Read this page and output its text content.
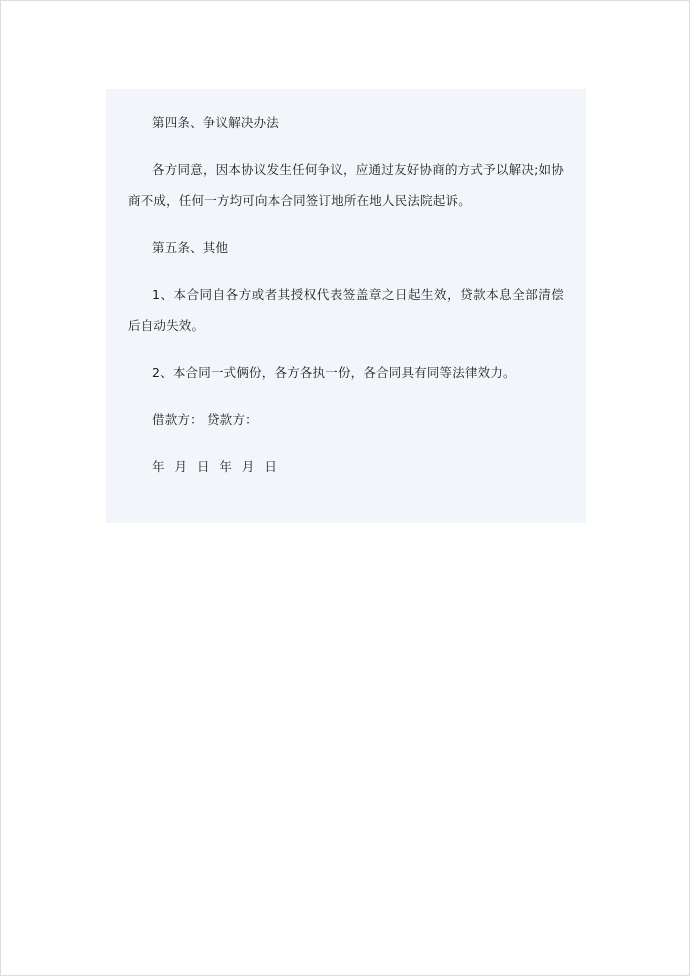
第四条、争议解决办法

各方同意，因本协议发生任何争议，应通过友好协商的方式予以解决;如协商不成，任何一方均可向本合同签订地所在地人民法院起诉。

第五条、其他

1、本合同自各方或者其授权代表签盖章之日起生效，贷款本息全部清偿后自动失效。

2、本合同一式俩份，各方各执一份，各合同具有同等法律效力。

借款方： 贷款方：

年 月 日 年 月 日
